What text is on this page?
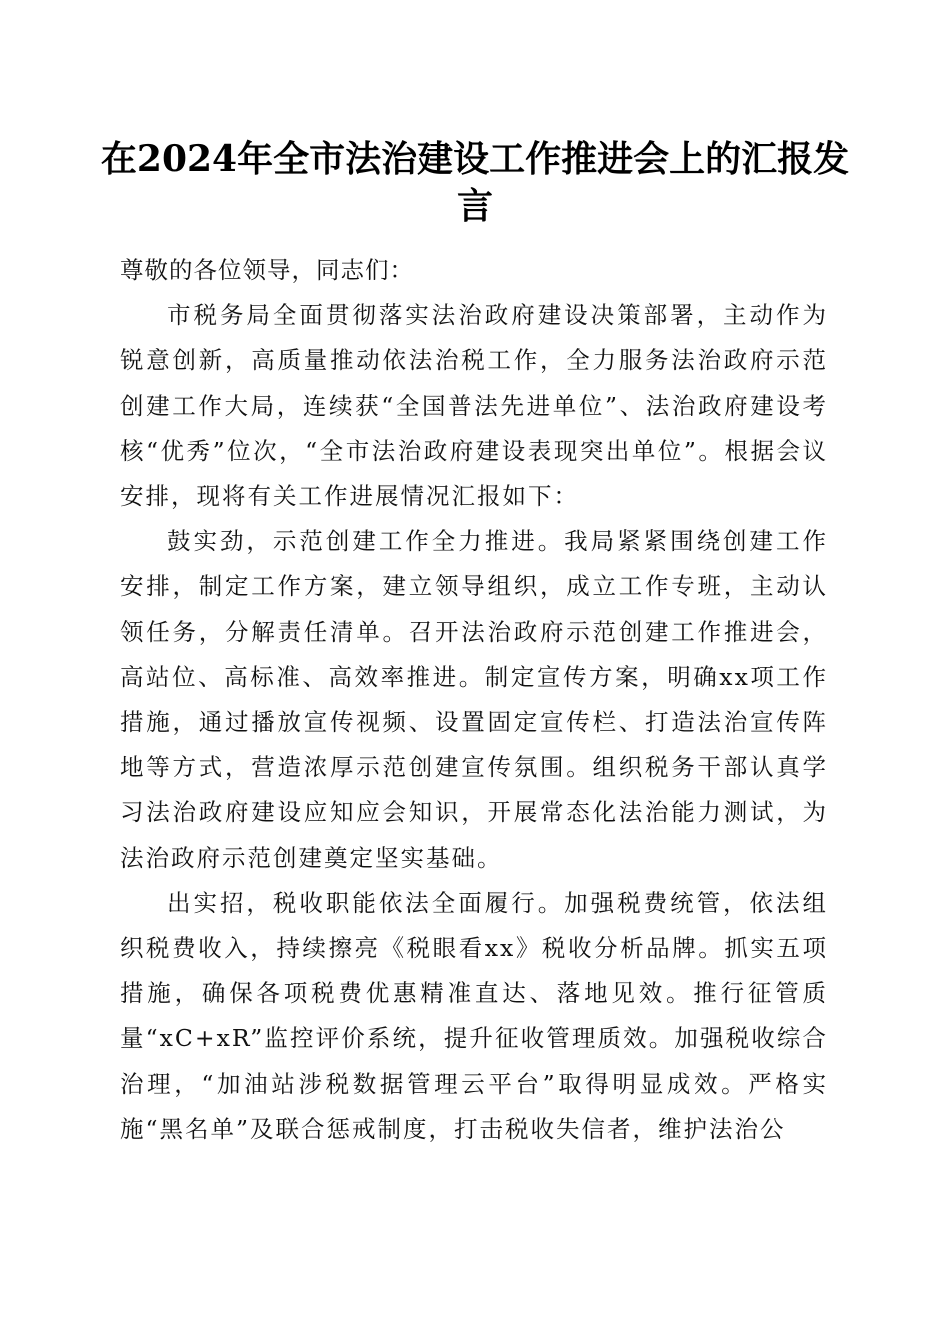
在2024年全市法治建设工作推进会上的汇报发言

尊敬的各位领导，同志们：

市税务局全面贯彻落实法治政府建设决策部署，主动作为锐意创新，高质量推动依法治税工作，全力服务法治政府示范创建工作大局，连续获“全国普法先进单位”、法治政府建设考核“优秀”位次，“全市法治政府建设表现突出单位”。根据会议安排，现将有关工作进展情况汇报如下：

鼓实劲，示范创建工作全力推进。我局紧紧围绕创建工作安排，制定工作方案，建立领导组织，成立工作专班，主动认领任务，分解责任清单。召开法治政府示范创建工作推进会，高站位、高标准、高效率推进。制定宣传方案，明确xx项工作措施，通过播放宣传视频、设置固定宣传栏、打造法治宣传阵地等方式，营造浓厚示范创建宣传氛围。组织税务干部认真学习法治政府建设应知应会知识，开展常态化法治能力测试，为法治政府示范创建奠定坚实基础。

出实招，税收职能依法全面履行。加强税费统管，依法组织税费收入，持续擦亮《税眼看xx》税收分析品牌。抓实五项措施，确保各项税费优惠精准直达、落地见效。推行征管质量“xC+xR”监控评价系统，提升征收管理质效。加强税收综合治理，“加油站涉税数据管理云平台”取得明显成效。严格实施“黑名单”及联合惩戒制度，打击税收失信者，维护法治公
